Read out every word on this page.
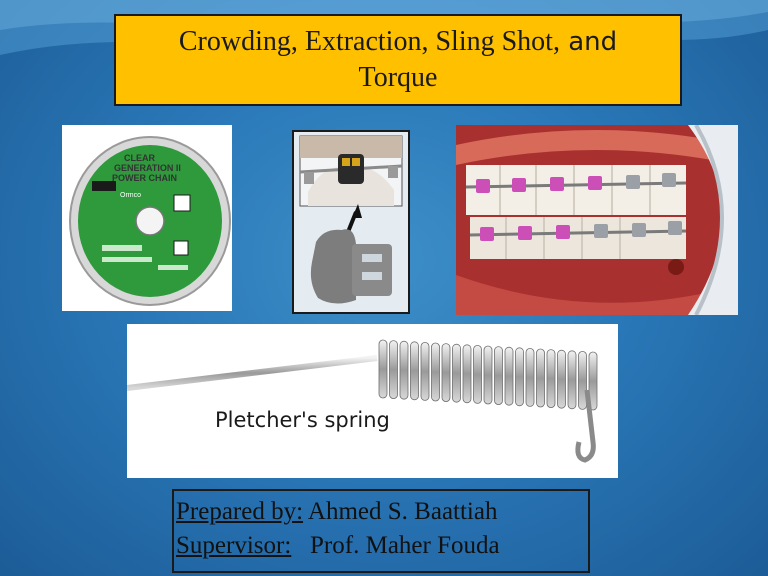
Crowding, Extraction, Sling Shot, and
Torque
CLEAR
GENERATION II
POWER CHAIN
Ormco
Pletcher's spring
Prepared by: Ahmed S. Baattiah
Supervisor:   Prof. Maher Fouda
